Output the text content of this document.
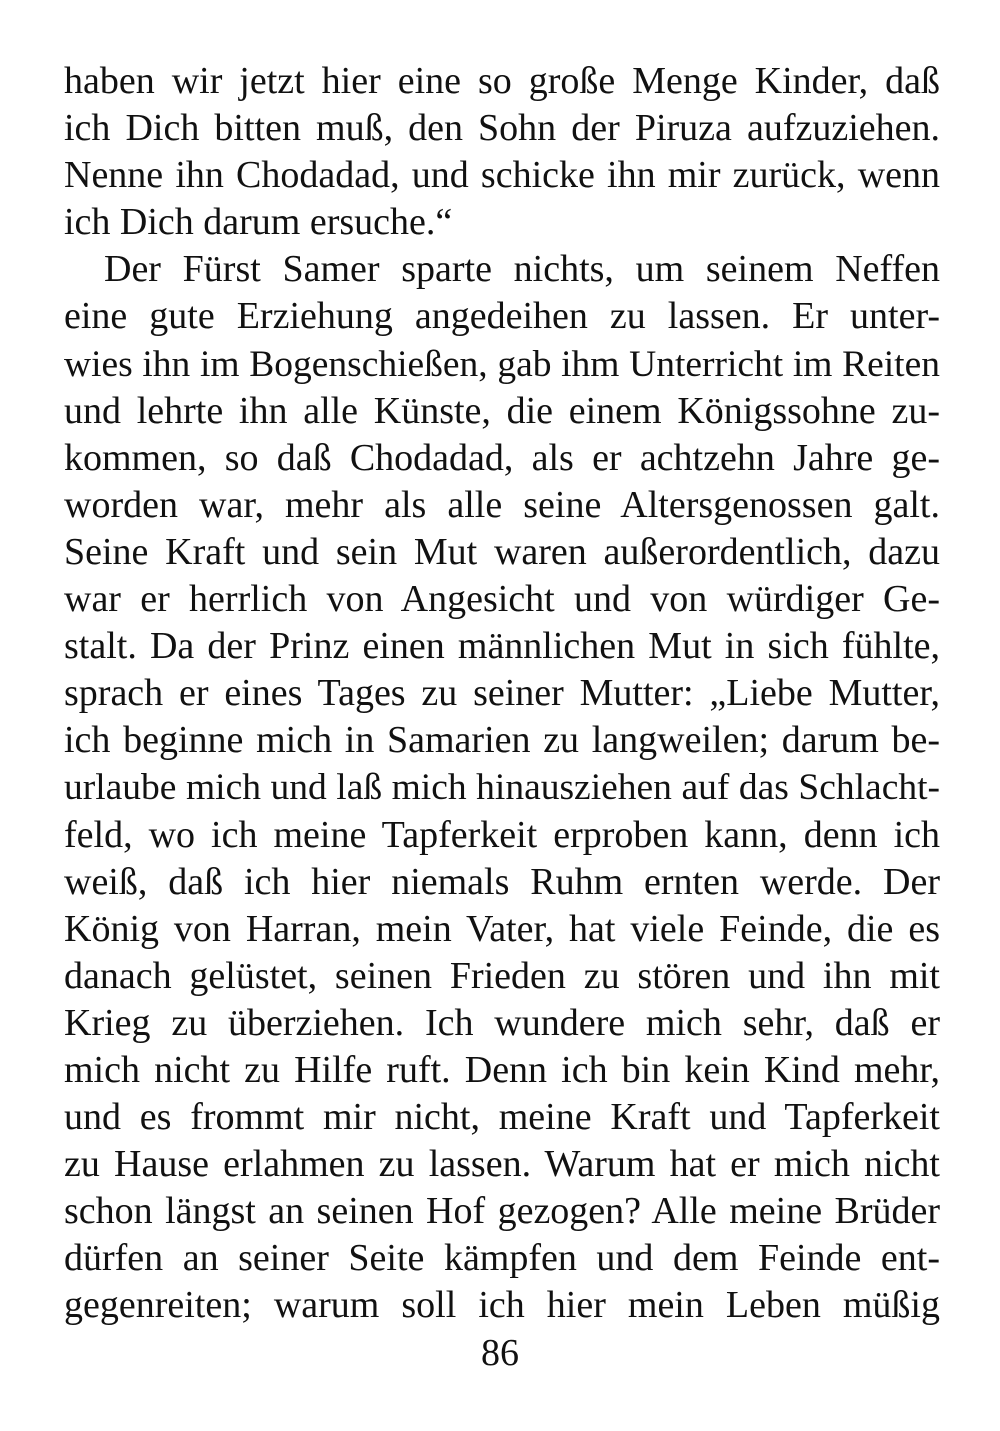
haben wir jetzt hier eine so große Menge Kinder, daß
ich Dich bitten muß, den Sohn der Piruza aufzuziehen.
Nenne ihn Chodadad, und schicke ihn mir zurück, wenn
ich Dich darum ersuche.“
Der Fürst Samer sparte nichts, um seinem Neffen
eine gute Erziehung angedeihen zu lassen. Er unter-
wies ihn im Bogenschießen, gab ihm Unterricht im Reiten
und lehrte ihn alle Künste, die einem Königssohne zu-
kommen, so daß Chodadad, als er achtzehn Jahre ge-
worden war, mehr als alle seine Altersgenossen galt.
Seine Kraft und sein Mut waren außerordentlich, dazu
war er herrlich von Angesicht und von würdiger Ge-
stalt. Da der Prinz einen männlichen Mut in sich fühlte,
sprach er eines Tages zu seiner Mutter: „Liebe Mutter,
ich beginne mich in Samarien zu langweilen; darum be-
urlaube mich und laß mich hinausziehen auf das Schlacht-
feld, wo ich meine Tapferkeit erproben kann, denn ich
weiß, daß ich hier niemals Ruhm ernten werde. Der
König von Harran, mein Vater, hat viele Feinde, die es
danach gelüstet, seinen Frieden zu stören und ihn mit
Krieg zu überziehen. Ich wundere mich sehr, daß er
mich nicht zu Hilfe ruft. Denn ich bin kein Kind mehr,
und es frommt mir nicht, meine Kraft und Tapferkeit
zu Hause erlahmen zu lassen. Warum hat er mich nicht
schon längst an seinen Hof gezogen? Alle meine Brüder
dürfen an seiner Seite kämpfen und dem Feinde ent-
gegenreiten; warum soll ich hier mein Leben müßig
86
